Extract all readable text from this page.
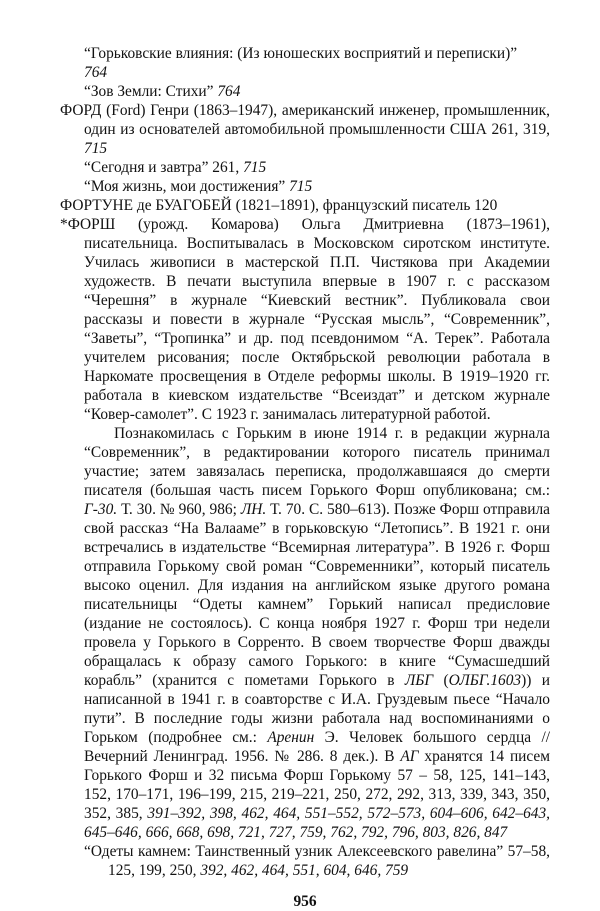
“Горьковские влияния: (Из юношеских восприятий и переписки)”
764

“Зов Земли: Стихи” 764

ФОРД (Ford) Генри (1863–1947), американский инженер, промышленник, один из основателей автомобильной промышленности США 261, 319, 715

“Сегодня и завтра” 261, 715

“Моя жизнь, мои достижения” 715

ФОРТУНЕ де БУАГОБЕЙ (1821–1891), французский писатель 120

*ФОРШ (урожд. Комарова) Ольга Дмитриевна (1873–1961), писательница. Воспитывалась в Московском сиротском институте. Училась живописи в мастерской П.П. Чистякова при Академии художеств. В печати выступила впервые в 1907 г. с рассказом “Черешня” в журнале “Киевский вестник”. Публиковала свои рассказы и повести в журнале “Русская мысль”, “Современник”, “Заветы”, “Тропинка” и др. под псевдонимом “А. Терек”. Работала учителем рисования; после Октябрьской революции работала в Наркомате просвещения в Отделе реформы школы. В 1919–1920 гг. работала в киевском издательстве “Всеиздат” и детском журнале “Ковер-самолет”. С 1923 г. занималась литературной работой.

Познакомилась с Горьким в июне 1914 г. в редакции журнала “Современник”, в редактировании которого писатель принимал участие; затем завязалась переписка, продолжавшаяся до смерти писателя (большая часть писем Горького Форш опубликована; см.: Г-30. Т. 30. № 960, 986; ЛН. Т. 70. С. 580–613). Позже Форш отправила свой рассказ “На Валааме” в горьковскую “Летопись”. В 1921 г. они встречались в издательстве “Всемирная литература”. В 1926 г. Форш отправила Горькому свой роман “Современники”, который писатель высоко оценил. Для издания на английском языке другого романа писательницы “Одеты камнем” Горький написал предисловие (издание не состоялось). С конца ноября 1927 г. Форш три недели провела у Горького в Сорренто. В своем творчестве Форш дважды обращалась к образу самого Горького: в книге “Сумасшедший корабль” (хранится с пометами Горького в ЛБГ (ОЛБГ.1603)) и написанной в 1941 г. в соавторстве с И.А. Груздевым пьесе “Начало пути”. В последние годы жизни работала над воспоминаниями о Горьком (подробнее см.: Аренин Э. Человек большого сердца // Вечерний Ленинград. 1956. № 286. 8 дек.). В АГ хранятся 14 писем Горького Форш и 32 письма Форш Горькому 57 – 58, 125, 141–143, 152, 170–171, 196–199, 215, 219–221, 250, 272, 292, 313, 339, 343, 350, 352, 385, 391–392, 398, 462, 464, 551–552, 572–573, 604–606, 642–643, 645–646, 666, 668, 698, 721, 727, 759, 762, 792, 796, 803, 826, 847

“Одеты камнем: Таинственный узник Алексеевского равелина” 57–58, 125, 199, 250, 392, 462, 464, 551, 604, 646, 759

956
